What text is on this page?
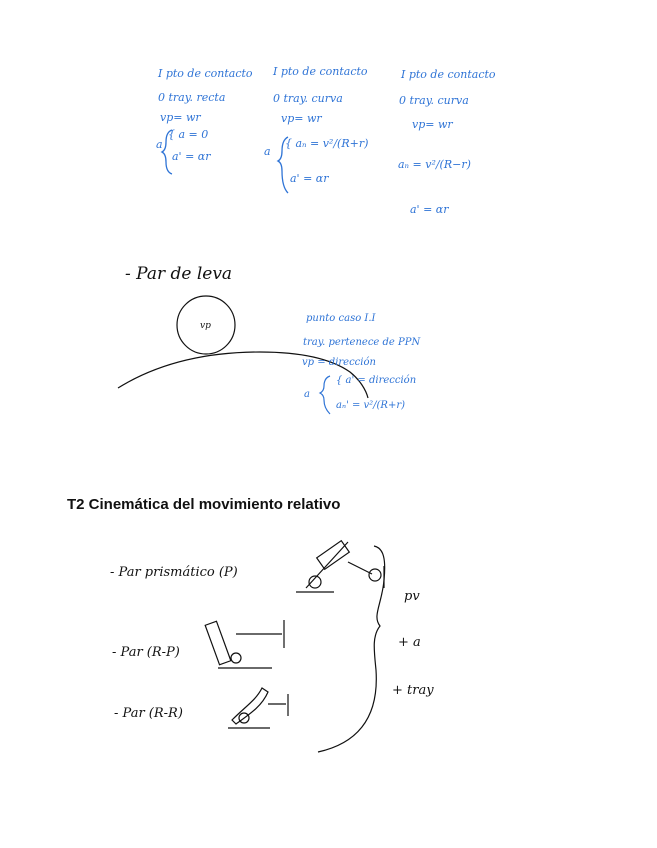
I pto de contacto
0 tray. recta
vp= wr
a
{ a = 0
a' = αr
I pto de contacto
0 tray. curva
vp= wr
a
{ aₙ = v²/(R+r)
a' = αr
I pto de contacto
0 tray. curva
vp= wr
aₙ = v²/(R−r)
a' = αr
- Par de leva
vp
punto caso I.I
tray. pertenece de PPN
vp = dirección
a
{ a' = dirección
aₙ' = v²/(R+r)
T2 Cinemática del movimiento relativo
- Par prismático (P)
- Par (R-P)
- Par (R-R)
pv
+ a
+ tray
